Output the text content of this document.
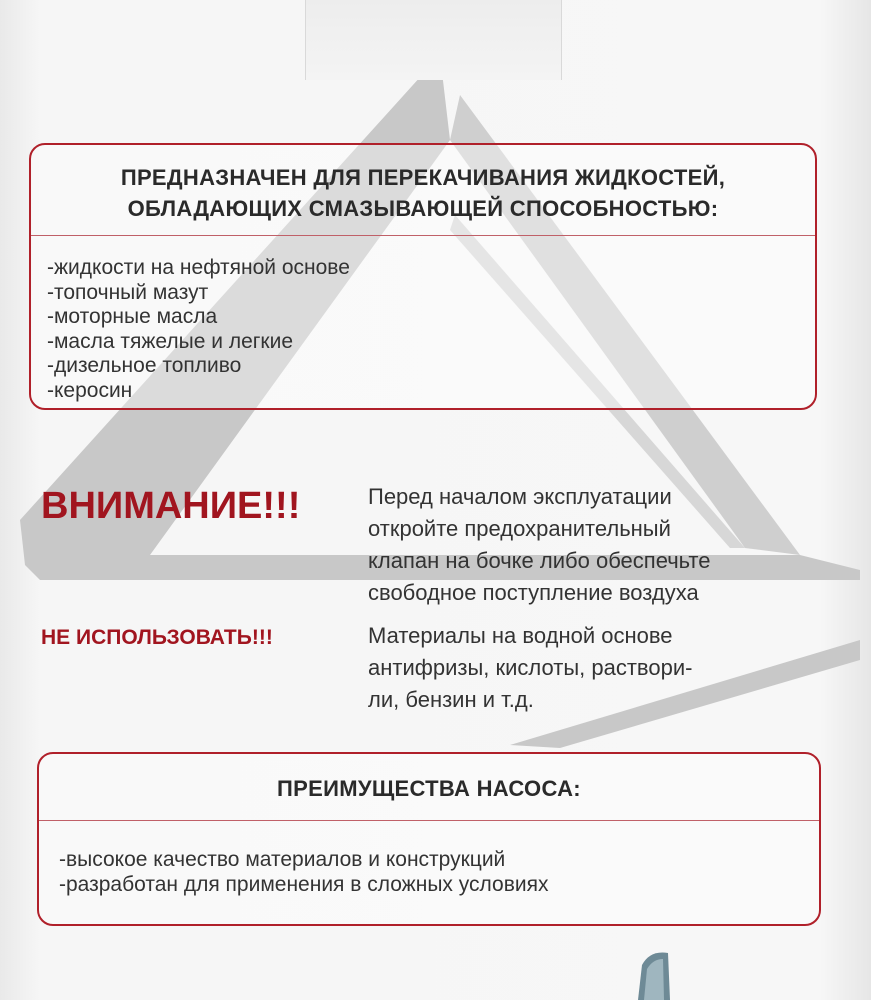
ПРЕДНАЗНАЧЕН ДЛЯ ПЕРЕКАЧИВАНИЯ ЖИДКОСТЕЙ,
ОБЛАДАЮЩИХ СМАЗЫВАЮЩЕЙ СПОСОБНОСТЬЮ:
-жидкости на нефтяной основе
-топочный мазут
-моторные масла
-масла тяжелые и легкие
-дизельное топливо
-керосин
ВНИМАНИЕ!!!	Перед началом эксплуатации
откройте предохранительный
клапан на бочке либо обеспечьте
свободное поступление воздуха
НЕ ИСПОЛЬЗОВАТЬ!!!	Материалы на водной основе
антифризы, кислоты, раствори-
ли, бензин и т.д.
ПРЕИМУЩЕСТВА НАСОСА:
-высокое качество материалов и конструкций
-разработан для применения в сложных условиях
